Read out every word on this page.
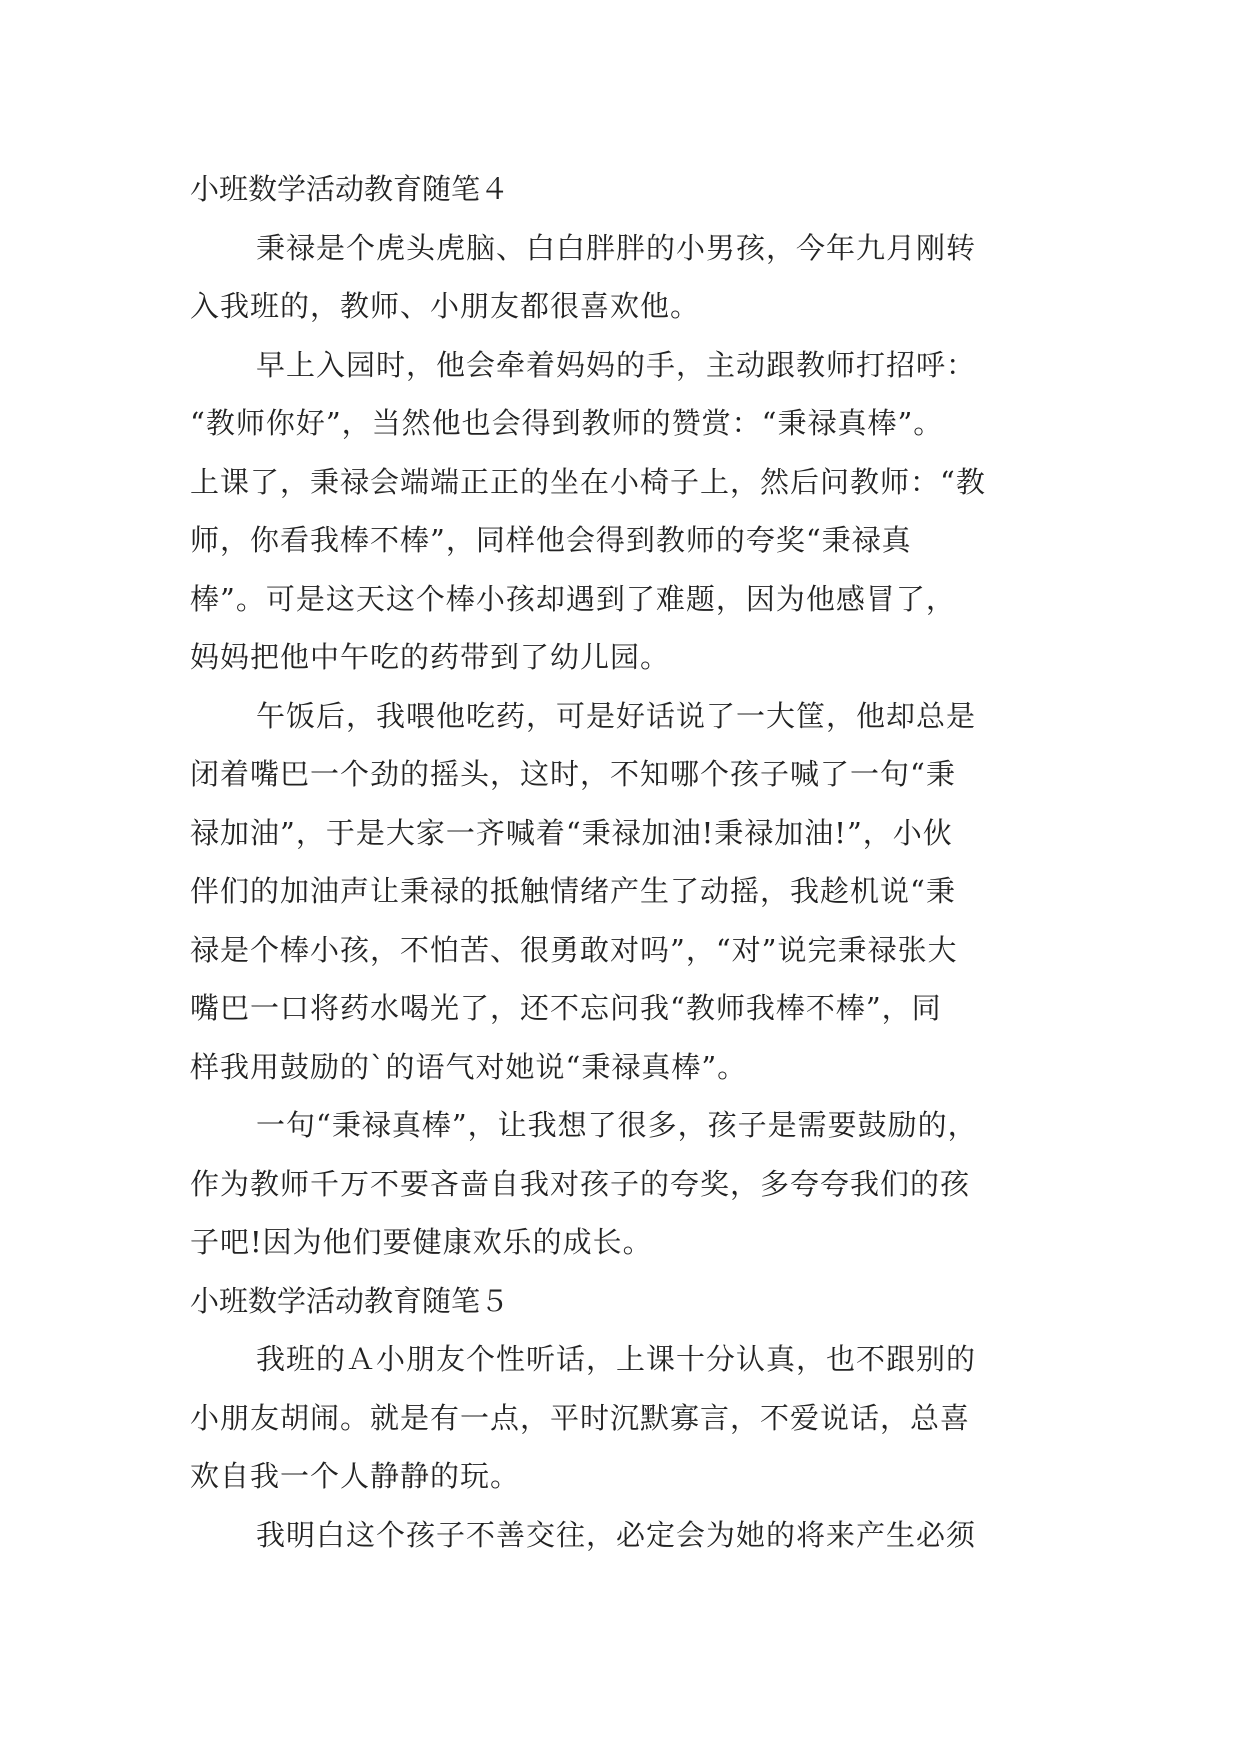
小班数学活动教育随笔４
秉禄是个虎头虎脑、白白胖胖的小男孩，今年九月刚转
入我班的，教师、小朋友都很喜欢他。
早上入园时，他会牵着妈妈的手，主动跟教师打招呼：
“教师你好”，当然他也会得到教师的赞赏：“秉禄真棒”。
上课了，秉禄会端端正正的坐在小椅子上，然后问教师：“教
师，你看我棒不棒”，同样他会得到教师的夸奖“秉禄真
棒”。可是这天这个棒小孩却遇到了难题，因为他感冒了，
妈妈把他中午吃的药带到了幼儿园。
午饭后，我喂他吃药，可是好话说了一大筐，他却总是
闭着嘴巴一个劲的摇头，这时，不知哪个孩子喊了一句“秉
禄加油”，于是大家一齐喊着“秉禄加油!秉禄加油!”，小伙
伴们的加油声让秉禄的抵触情绪产生了动摇，我趁机说“秉
禄是个棒小孩，不怕苦、很勇敢对吗”，“对”说完秉禄张大
嘴巴一口将药水喝光了，还不忘问我“教师我棒不棒”，同
样我用鼓励的`的语气对她说“秉禄真棒”。
一句“秉禄真棒”，让我想了很多，孩子是需要鼓励的，
作为教师千万不要吝啬自我对孩子的夸奖，多夸夸我们的孩
子吧!因为他们要健康欢乐的成长。
小班数学活动教育随笔５
我班的Ａ小朋友个性听话，上课十分认真，也不跟别的
小朋友胡闹。就是有一点，平时沉默寡言，不爱说话，总喜
欢自我一个人静静的玩。
我明白这个孩子不善交往，必定会为她的将来产生必须
